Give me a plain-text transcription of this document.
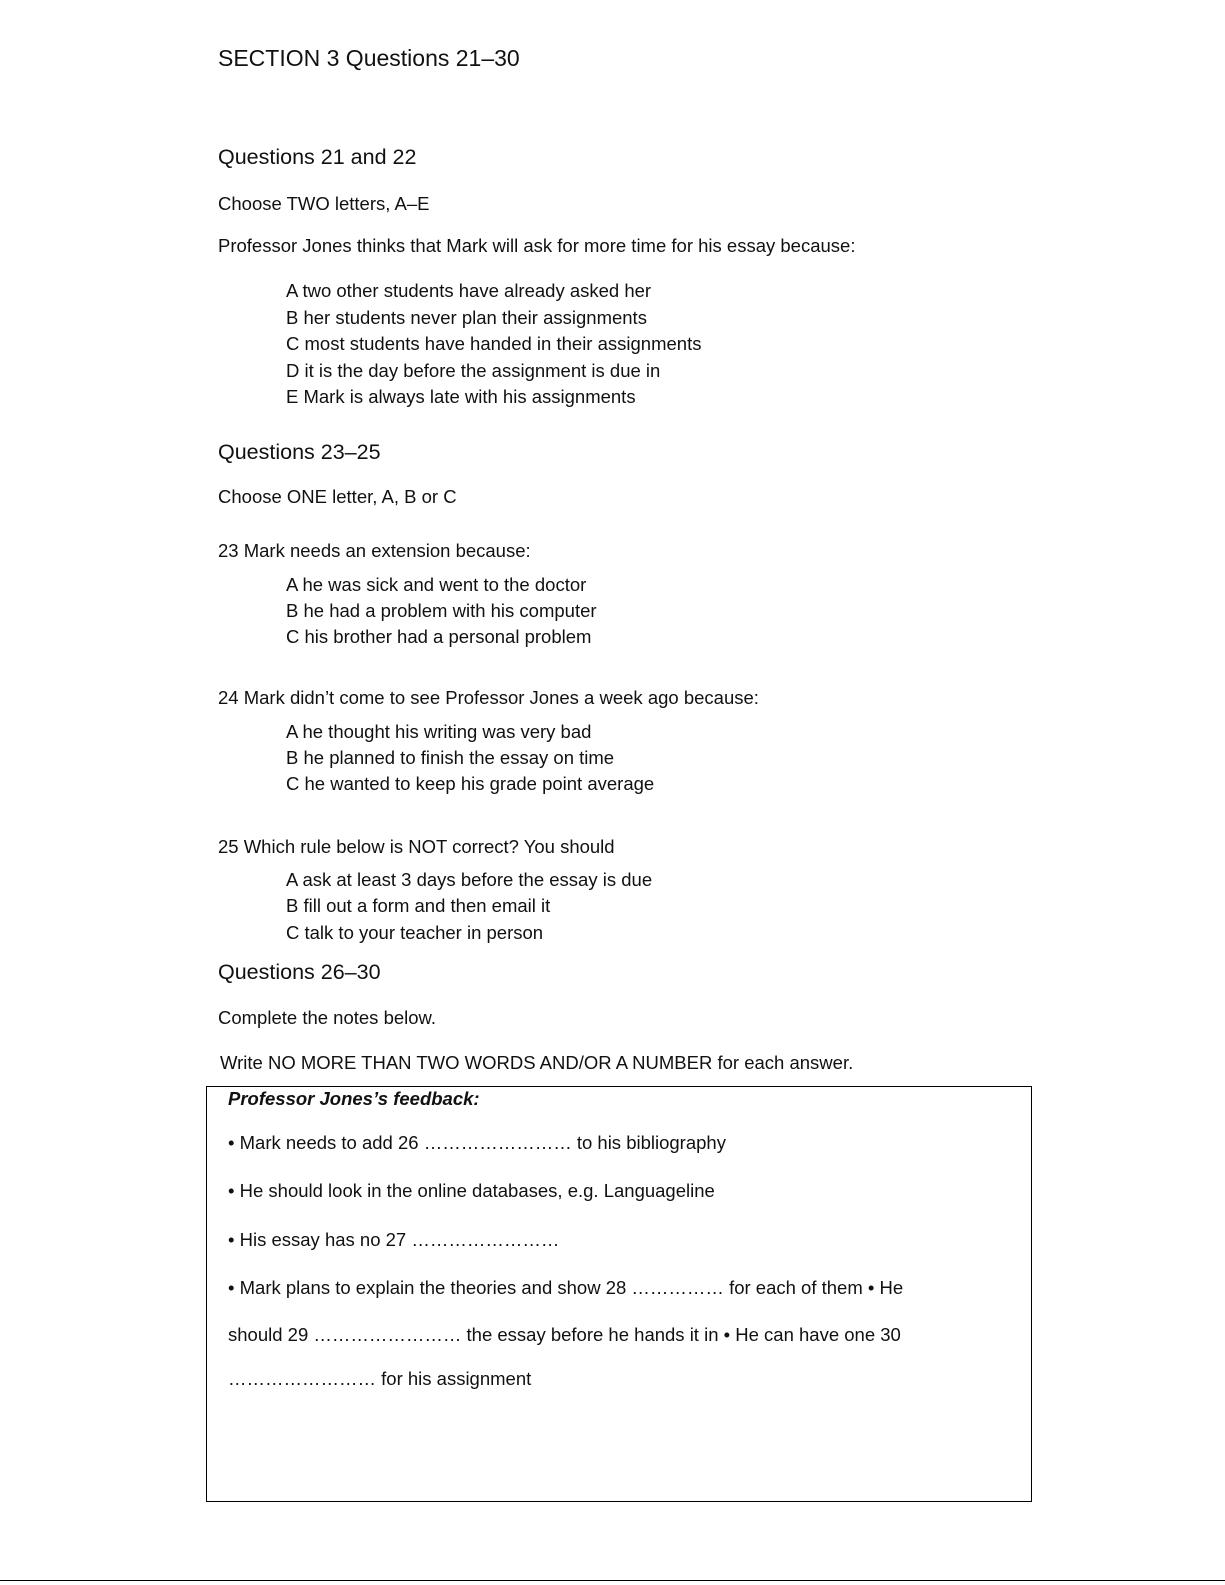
SECTION 3 Questions 21–30
Questions 21 and 22
Choose TWO letters, A–E
Professor Jones thinks that Mark will ask for more time for his essay because:
A two other students have already asked her
B her students never plan their assignments
C most students have handed in their assignments
D it is the day before the assignment is due in
E Mark is always late with his assignments
Questions 23–25
Choose ONE letter, A, B or C
23 Mark needs an extension because:
A he was sick and went to the doctor
B he had a problem with his computer
C his brother had a personal problem
24 Mark didn’t come to see Professor Jones a week ago because:
A he thought his writing was very bad
B he planned to finish the essay on time
C he wanted to keep his grade point average
25 Which rule below is NOT correct? You should
A ask at least 3 days before the essay is due
B fill out a form and then email it
C talk to your teacher in person
Questions 26–30
Complete the notes below.
Write NO MORE THAN TWO WORDS AND/OR A NUMBER for each answer.
Professor Jones’s feedback:
• Mark needs to add 26 …………………… to his bibliography
• He should look in the online databases, e.g. Languageline
• His essay has no 27 ……………………
• Mark plans to explain the theories and show 28 …………… for each of them • He
should 29 …………………… the essay before he hands it in • He can have one 30
…………………… for his assignment
